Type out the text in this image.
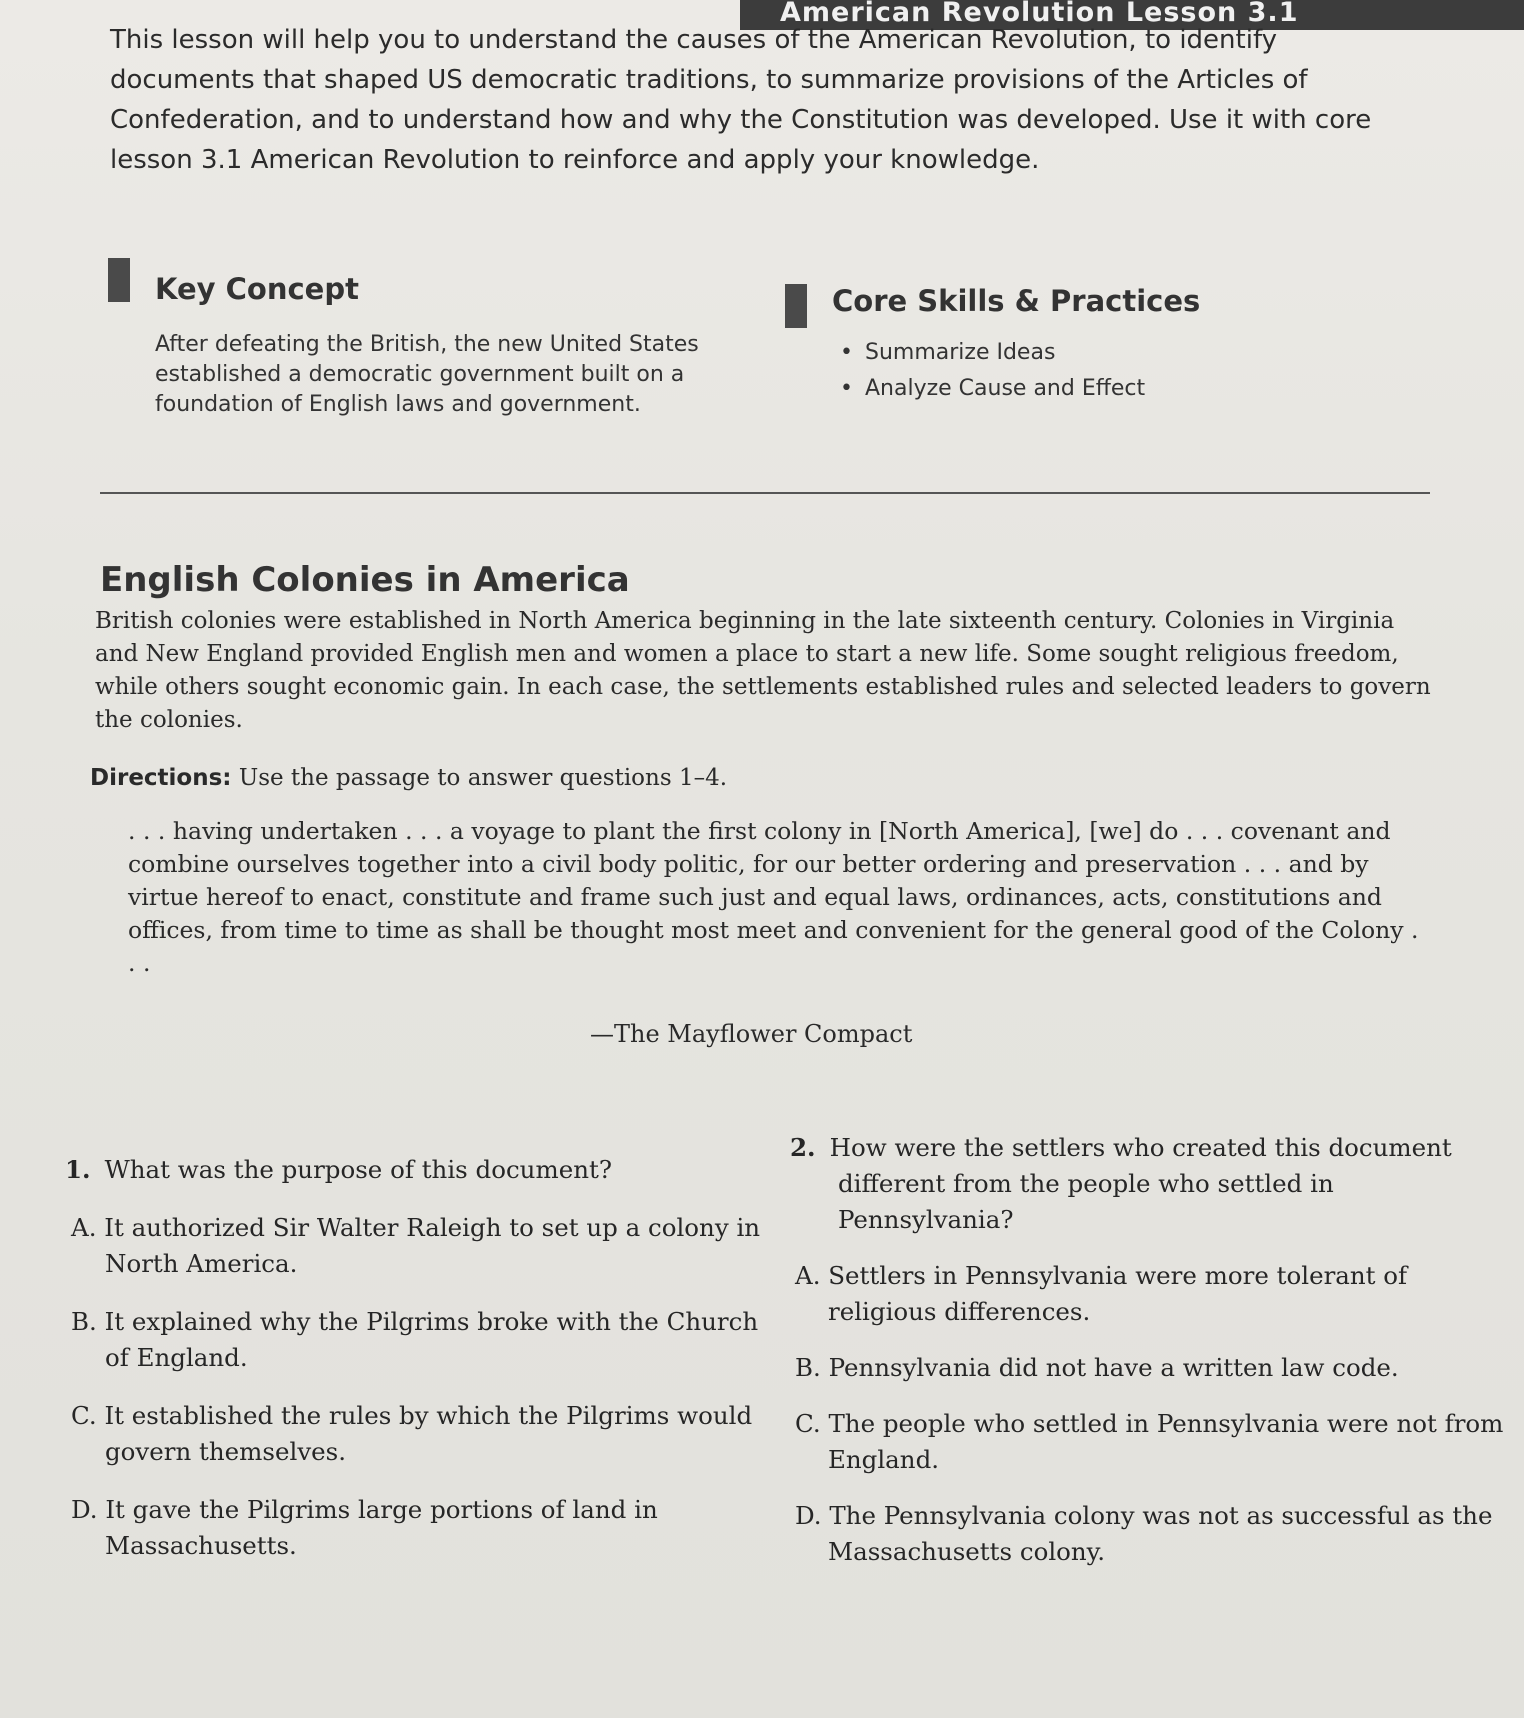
American Revolution Lesson 3.1

This lesson will help you to understand the causes of the American Revolution, to identify documents that shaped US democratic traditions, to summarize provisions of the Articles of Confederation, and to understand how and why the Constitution was developed. Use it with core lesson 3.1 American Revolution to reinforce and apply your knowledge.

Key Concept

After defeating the British, the new United States established a democratic government built on a foundation of English laws and government.

Core Skills & Practices
• Summarize Ideas
• Analyze Cause and Effect
English Colonies in America

British colonies were established in North America beginning in the late sixteenth century. Colonies in Virginia and New England provided English men and women a place to start a new life. Some sought religious freedom, while others sought economic gain. In each case, the settlements established rules and selected leaders to govern the colonies.

Directions: Use the passage to answer questions 1–4.

. . . having undertaken . . . a voyage to plant the first colony in [North America], [we] do . . . covenant and combine ourselves together into a civil body politic, for our better ordering and preservation . . . and by virtue hereof to enact, constitute and frame such just and equal laws, ordinances, acts, constitutions and offices, from time to time as shall be thought most meet and convenient for the general good of the Colony . . .

—The Mayflower Compact

1. What was the purpose of this document?

A. It authorized Sir Walter Raleigh to set up a colony in North America.

B. It explained why the Pilgrims broke with the Church of England.

C. It established the rules by which the Pilgrims would govern themselves.

D. It gave the Pilgrims large portions of land in Massachusetts.

2. How were the settlers who created this document different from the people who settled in Pennsylvania?

A. Settlers in Pennsylvania were more tolerant of religious differences.

B. Pennsylvania did not have a written law code.

C. The people who settled in Pennsylvania were not from England.

D. The Pennsylvania colony was not as successful as the Massachusetts colony.
